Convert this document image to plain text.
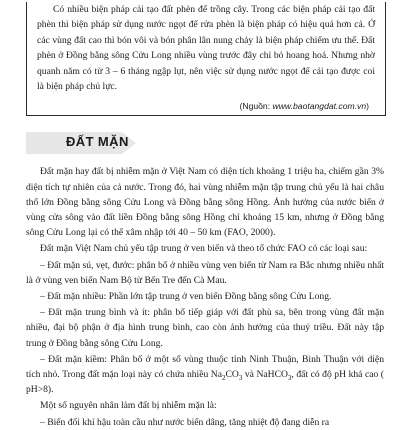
Có nhiều biện pháp cải tạo đất phèn để trồng cây. Trong các biện pháp cải tạo đất phèn thì biện pháp sử dụng nước ngọt để rửa phèn là biện pháp có hiệu quả hơn cả. Ở các vùng đất cao thì bón vôi và bón phân lân nung chảy là biện pháp chiếm ưu thế. Đất phèn ở Đồng bằng sông Cửu Long nhiều vùng trước đây chỉ bỏ hoang hoá. Nhưng nhờ quanh năm có từ 3 – 6 tháng ngập lụt, nên việc sử dụng nước ngọt để cải tạo được coi là biện pháp chủ lực.

(Nguồn: www.baotangdat.com.vn)
ĐẤT MẶN

Đất mặn hay đất bị nhiễm mặn ở Việt Nam có diện tích khoảng 1 triệu ha, chiếm gần 3% diện tích tự nhiên của cả nước. Trong đó, hai vùng nhiễm mặn tập trung chủ yếu là hai châu thổ lớn Đồng bằng sông Cửu Long và Đồng bằng sông Hồng. Ảnh hưởng của nước biển ở vùng cửa sông vào đất liền Đồng bằng sông Hồng chỉ khoảng 15 km, nhưng ở Đồng bằng sông Cửu Long lại có thể xâm nhập tới 40 – 50 km (FAO, 2000).

Đất mặn Việt Nam chủ yếu tập trung ở ven biển và theo tổ chức FAO có các loại sau:

– Đất mặn sú, vẹt, đước: phân bố ở nhiều vùng ven biển từ Nam ra Bắc nhưng nhiều nhất là ở vùng ven biển Nam Bộ từ Bến Tre đến Cà Mau.

– Đất mặn nhiều: Phần lớn tập trung ở ven biển Đồng bằng sông Cửu Long.

– Đất mặn trung bình và ít: phân bố tiếp giáp với đất phù sa, bên trong vùng đất mặn nhiều, đại bộ phận ở địa hình trung bình, cao còn ảnh hưởng của thuỷ triều. Đất này tập trung ở Đồng bằng sông Cửu Long.

– Đất mặn kiềm: Phân bố ở một số vùng thuộc tỉnh Ninh Thuận, Bình Thuận với diện tích nhỏ. Trong đất mặn loại này có chứa nhiều $Na_2CO_3$ và NaHCO$_3$, đất có độ pH khá cao ( pH>8).

Một số nguyên nhân làm đất bị nhiễm mặn là:

– Biến đổi khí hậu toàn cầu như nước biển dâng, tăng nhiệt độ đang diễn ra
